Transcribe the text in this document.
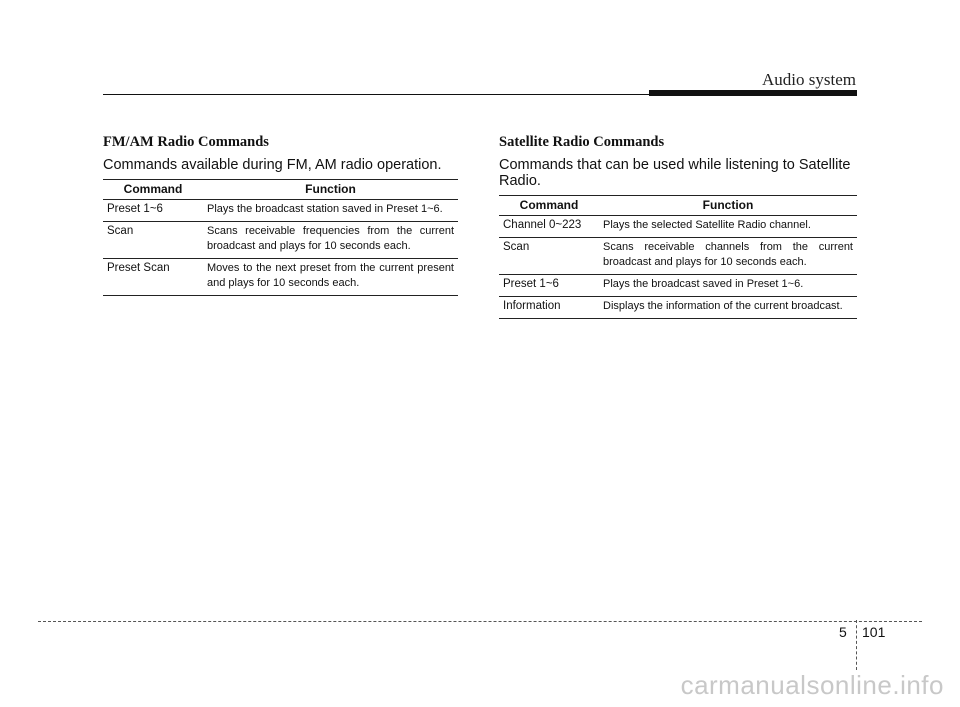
Audio system
FM/AM Radio Commands
Commands available during FM, AM radio operation.
Command	Function
Preset 1~6	Plays the broadcast station saved in Preset 1~6.
Scan	Scans receivable frequencies from the current broadcast and plays for 10 seconds each.
Preset Scan	Moves to the next preset from the current present and plays for 10 seconds each.
Satellite Radio Commands
Commands that can be used while listening to Satellite Radio.
Command	Function
Channel 0~223	Plays the selected Satellite Radio channel.
Scan	Scans receivable channels from the current broadcast and plays for 10 seconds each.
Preset 1~6	Plays the broadcast saved in Preset 1~6.
Information	Displays the information of the current broadcast.
5 101
carmanualsonline.info
